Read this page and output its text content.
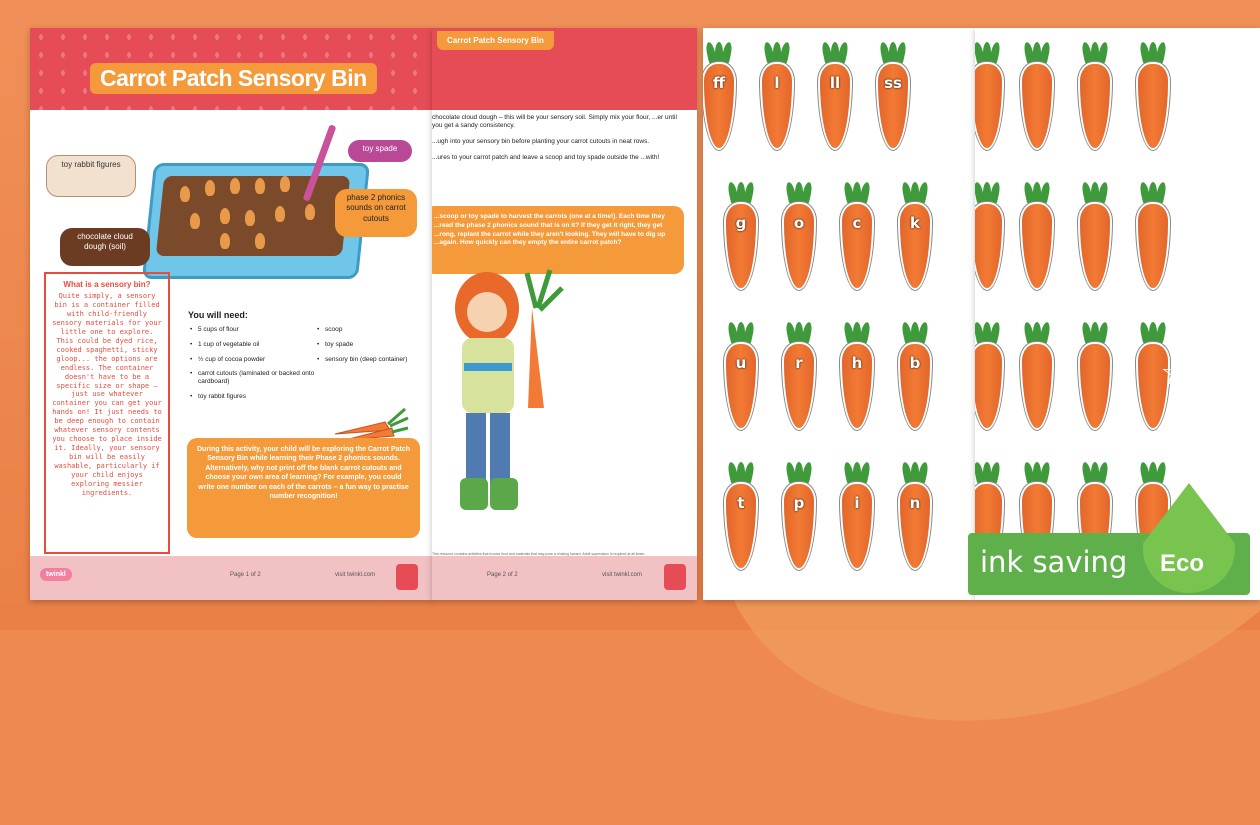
Carrot Patch Sensory Bin
toy rabbit figures
toy spade
phase 2 phonics sounds on carrot cutouts
chocolate cloud dough (soil)
What is a sensory bin?

Quite simply, a sensory bin is a container filled with child-friendly sensory materials for your little one to explore. This could be dyed rice, cooked spaghetti, sticky gloop... the options are endless. The container doesn't have to be a specific size or shape – just use whatever container you can get your hands on! It just needs to be deep enough to contain whatever sensory contents you choose to place inside it. Ideally, your sensory bin will be easily washable, particularly if your child enjoys exploring messier ingredients.

You will need:
• 5 cups of flour
• 1 cup of vegetable oil
• ½ cup of cocoa powder
• carrot cutouts (laminated or backed onto cardboard)
• toy rabbit figures
• scoop
• toy spade
• sensory bin (deep container)
During this activity, your child will be exploring the Carrot Patch Sensory Bin while learning their Phase 2 phonics sounds. Alternatively, why not print off the blank carrot cutouts and choose your own area of learning? For example, you could write one number on each of the carrots – a fun way to practise number recognition!
twinkl	Page 1 of 2	visit twinkl.com
Carrot Patch Sensory Bin

chocolate cloud dough – this will be your sensory soil. Simply mix your flour, ...er until you get a sandy consistency.

...ugh into your sensory bin before planting your carrot cutouts in neat rows.

...ures to your carrot patch and leave a scoop and toy spade outside the ...with!

...scoop or toy spade to harvest the carrots (one at a time!). Each time they ...read the phase 2 phonics sound that is on it? If they get it right, they get ...rong, replant the carrot while they aren't looking. They will have to dig up ...again. How quickly can they empty the entire carrot patch?
This resource contains activities that involve food and materials that may pose a choking hazard. Adult supervision is required at all times.
Page 2 of 2	visit twinkl.com
ff	l	ll	ss
g	o	c	k
u	r	h	b
t	p	i	n
☆
☆
☆
ink saving Eco
